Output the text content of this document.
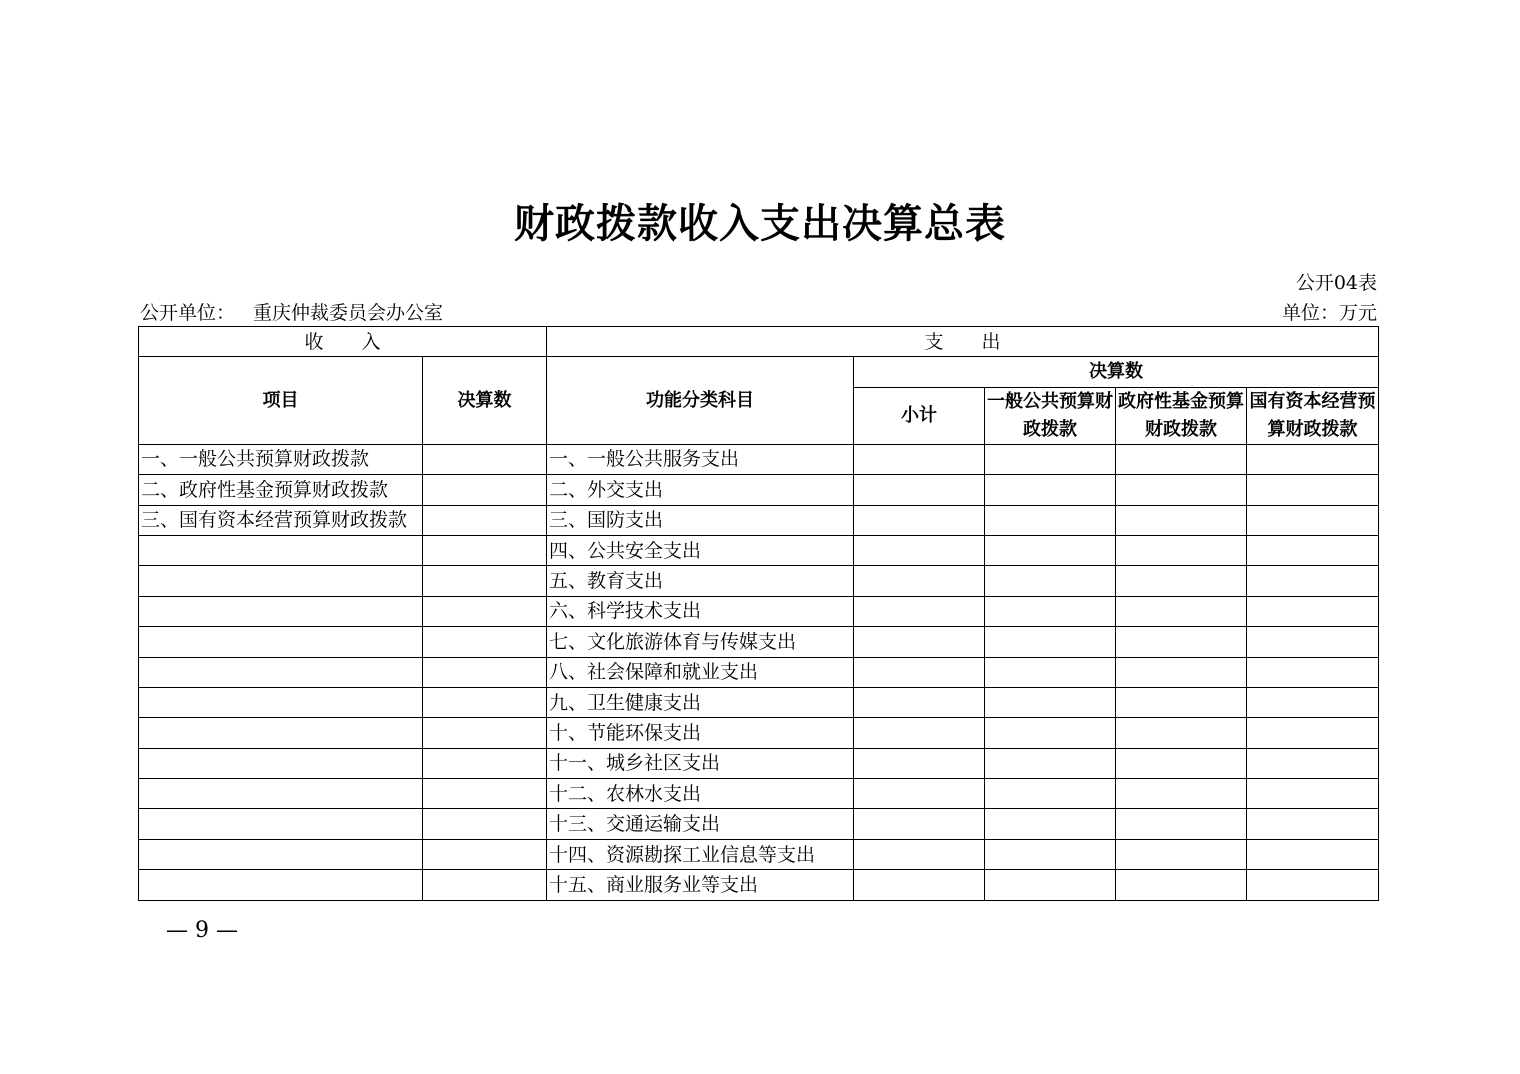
财政拨款收入支出决算总表
公开04表
公开单位： 重庆仲裁委员会办公室	单位：万元
收　　入		支　　出				
项目	决算数	功能分类科目	决算数			
			小计	一般公共预算财政拨款	政府性基金预算财政拨款	国有资本经营预算财政拨款

一、一般公共预算财政拨款		一、一般公共服务支出				
二、政府性基金预算财政拨款		二、外交支出				
三、国有资本经营预算财政拨款		三、国防支出				
		四、公共安全支出				
		五、教育支出				
		六、科学技术支出				
		七、文化旅游体育与传媒支出				
		八、社会保障和就业支出				
		九、卫生健康支出				
		十、节能环保支出				
		十一、城乡社区支出				
		十二、农林水支出				
		十三、交通运输支出				
		十四、资源勘探工业信息等支出				
		十五、商业服务业等支出				
— 9 —
